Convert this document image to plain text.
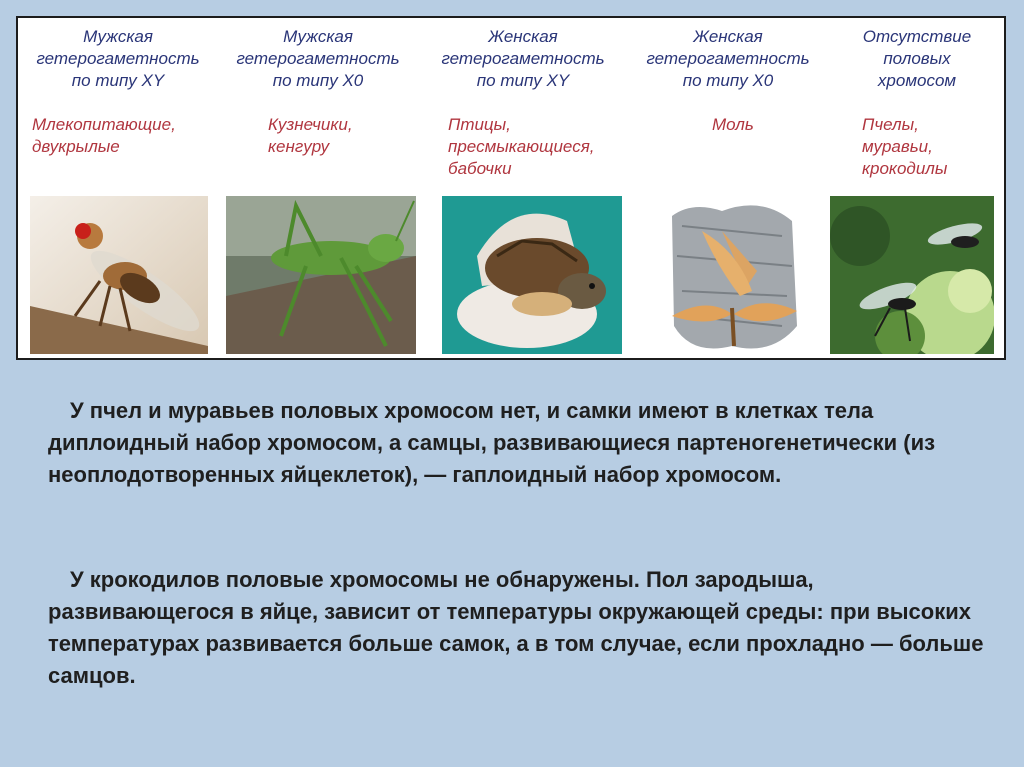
Мужская
гетерогаметность
по типу XY
Млекопитающие,
двукрылые
Мужская
гетерогаметность
по типу X0
Кузнечики,
кенгуру
Женская
гетерогаметность
по типу XY
Птицы,
пресмыкающиеся,
бабочки
Женская
гетерогаметность
по типу X0
Моль
Отсутствие
половых
хромосом
Пчелы,
муравьи,
крокодилы
У пчел и муравьев половых хромосом нет, и самки имеют в клетках тела диплоидный набор хромосом, а самцы, развивающиеся партеногенетически (из неоплодотворенных яйцеклеток), — гаплоидный набор хромосом.
У крокодилов половые хромосомы не обнаружены. Пол зародыша, развивающегося в яйце, зависит от температуры окружающей среды: при высоких температурах развивается больше самок, а в том случае, если прохладно — больше самцов.
